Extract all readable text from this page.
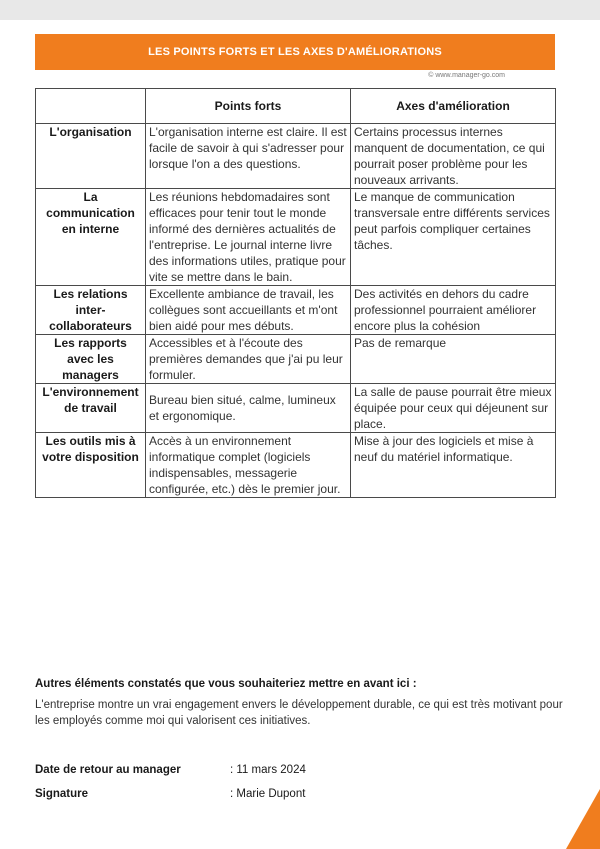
LES POINTS FORTS ET LES AXES D'AMÉLIORATIONS
© www.manager-go.com
	Points forts	Axes d'amélioration
L'organisation	L'organisation interne est claire. Il est facile de savoir à qui s'adresser pour lorsque l'on a des questions.	Certains processus internes manquent de documentation, ce qui pourrait poser problème pour les nouveaux arrivants.
La communication en interne	Les réunions hebdomadaires sont efficaces pour tenir tout le monde informé des dernières actualités de l'entreprise. Le journal interne livre des informations utiles, pratique pour vite se mettre dans le bain.	Le manque de communication transversale entre différents services peut parfois compliquer certaines tâches.
Les relations inter-collaborateurs	Excellente ambiance de travail, les collègues sont accueillants et m'ont bien aidé pour mes débuts.	Des activités en dehors du cadre professionnel pourraient améliorer encore plus la cohésion
Les rapports avec les managers	Accessibles et à l'écoute des premières demandes que j'ai pu leur formuler.	Pas de remarque
L'environnement de travail	Bureau bien situé, calme, lumineux et ergonomique.	La salle de pause pourrait être mieux équipée pour ceux qui déjeunent sur place.
Les outils mis à votre disposition	Accès à un environnement informatique complet (logiciels indispensables, messagerie configurée, etc.) dès le premier jour.	Mise à jour des logiciels et mise à neuf du matériel informatique.
Autres éléments constatés que vous souhaiteriez mettre en avant ici :
L'entreprise montre un vrai engagement envers le développement durable, ce qui est très motivant pour les employés comme moi qui valorisent ces initiatives.
Date de retour au manager	: 11 mars 2024
Signature	: Marie Dupont
